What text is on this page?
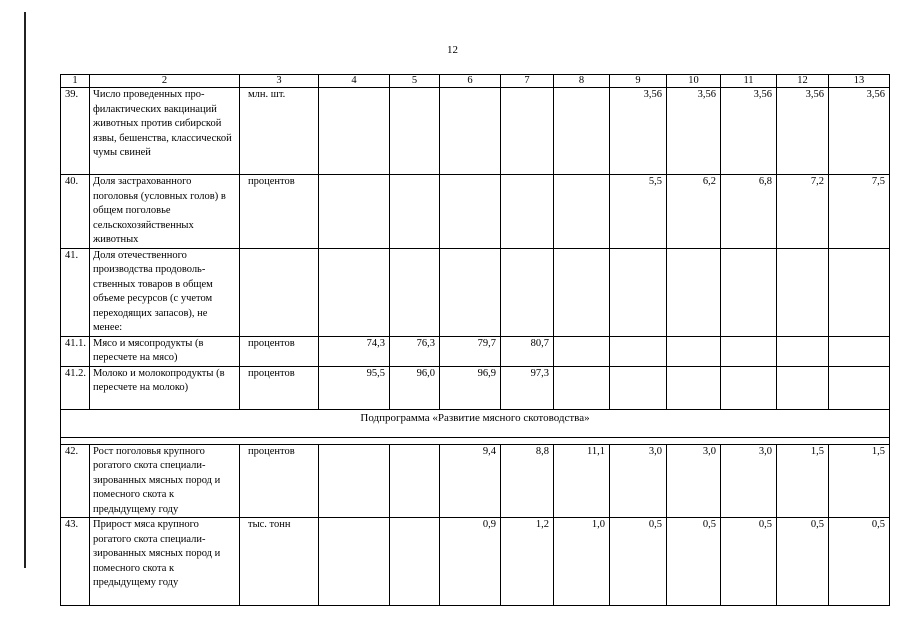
12
1	2	3	4	5	6	7	8	9	10	11	12	13
39.	Число проведенных профилактических вакцинаций животных против сибирской язвы, бешенства, классической чумы свиней	млн. шт.						3,56	3,56	3,56	3,56	3,56
40.	Доля застрахованного поголовья (условных голов) в общем поголовье сельскохозяйственных животных	процентов						5,5	6,2	6,8	7,2	7,5
41.	Доля отечественного производства продовольственных товаров в общем объеме ресурсов (с учетом переходящих запасов), не менее:											
41.1.	Мясо и мясопродукты (в пересчете на мясо)	процентов	74,3	76,3	79,7	80,7						
41.2.	Молоко и молокопродукты (в пересчете на молоко)	процентов	95,5	96,0	96,9	97,3						
Подпрограмма «Развитие мясного скотоводства»												

42.	Рост поголовья крупного рогатого скота специализированных мясных пород и помесного скота к предыдущему году	процентов			9,4	8,8	11,1	3,0	3,0	3,0	1,5	1,5
43.	Прирост мяса крупного рогатого скота специализированных мясных пород и помесного скота к предыдущему году	тыс. тонн			0,9	1,2	1,0	0,5	0,5	0,5	0,5	0,5
